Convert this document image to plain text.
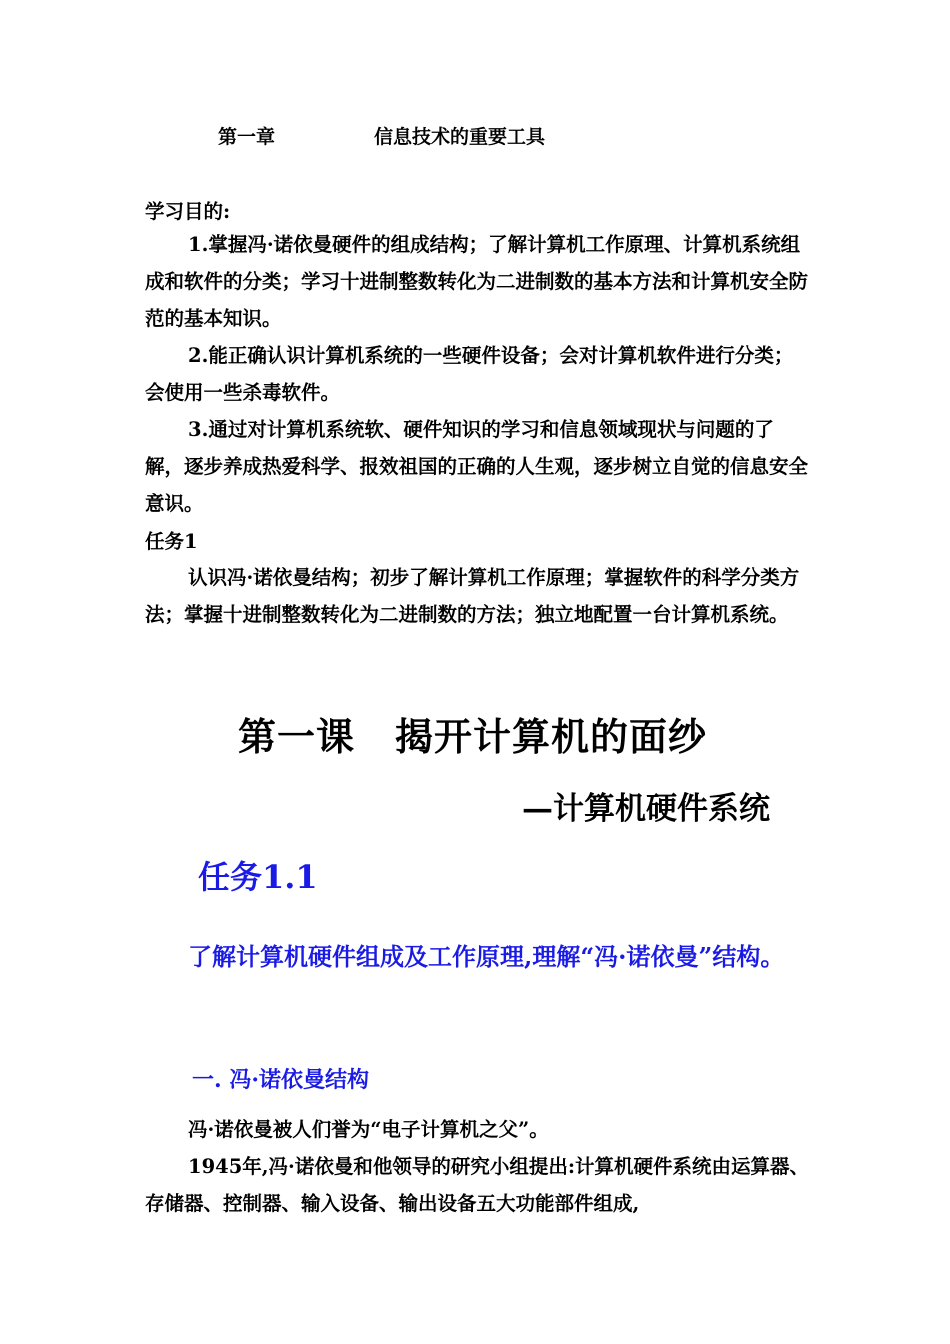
第一章	信息技术的重要工具
学习目的:
1.掌握冯·诺依曼硬件的组成结构；了解计算机工作原理、计算机系统组成和软件的分类；学习十进制整数转化为二进制数的基本方法和计算机安全防范的基本知识。
2.能正确认识计算机系统的一些硬件设备；会对计算机软件进行分类；会使用一些杀毒软件。
3.通过对计算机系统软、硬件知识的学习和信息领域现状与问题的了解，逐步养成热爱科学、报效祖国的正确的人生观，逐步树立自觉的信息安全意识。
任务1
认识冯·诺依曼结构；初步了解计算机工作原理；掌握软件的科学分类方法；掌握十进制整数转化为二进制数的方法；独立地配置一台计算机系统。
第一课 揭开计算机的面纱
—计算机硬件系统
任务1.1
了解计算机硬件组成及工作原理,理解“冯·诺依曼”结构。
一. 冯·诺依曼结构
冯·诺依曼被人们誉为“电子计算机之父”。
1945年,冯·诺依曼和他领导的研究小组提出:计算机硬件系统由运算器、存储器、控制器、输入设备、输出设备五大功能部件组成,
